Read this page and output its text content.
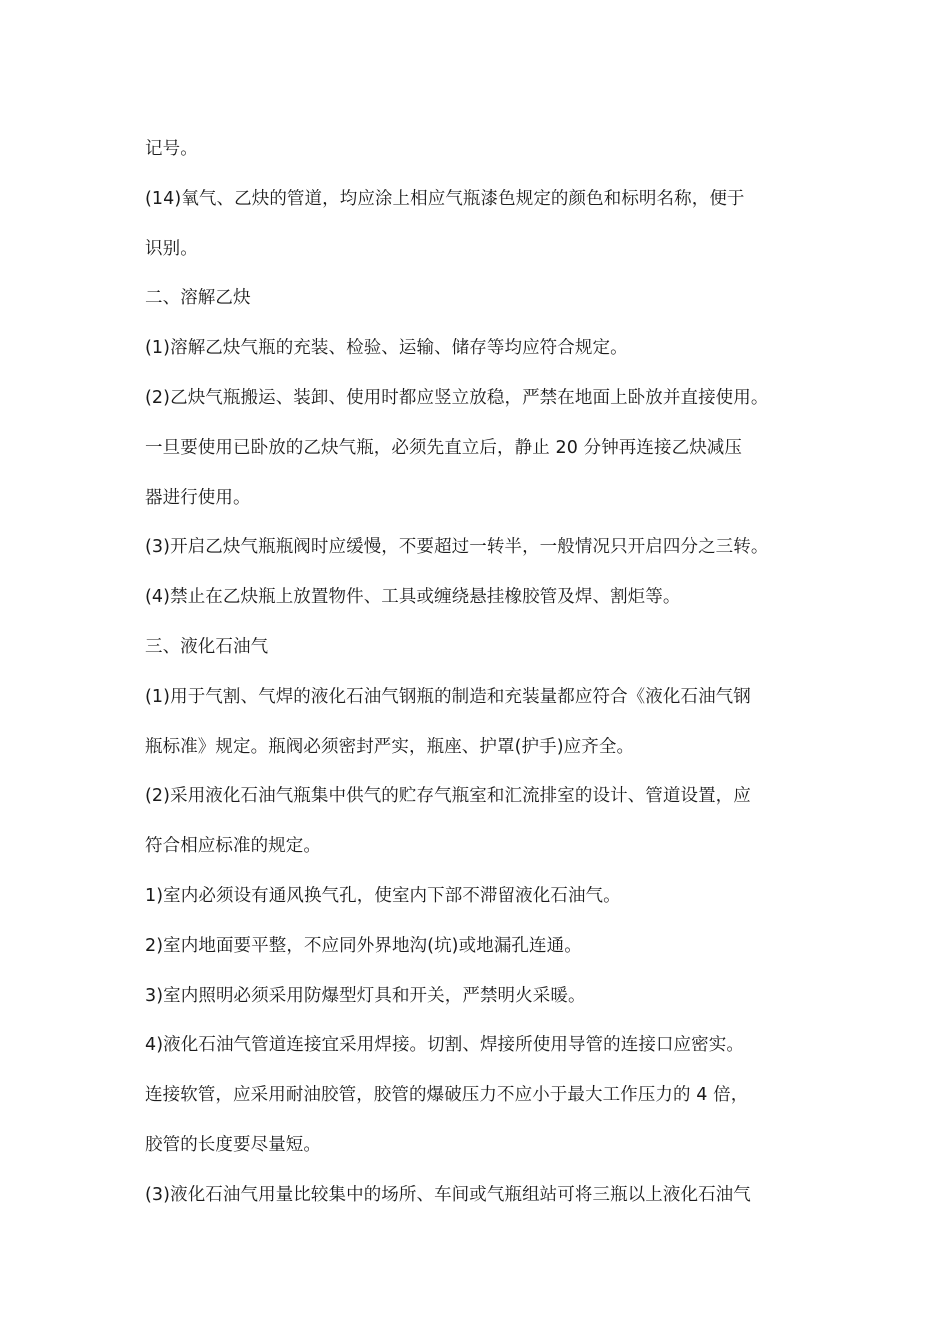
记号。
(14)氧气、乙炔的管道，均应涂上相应气瓶漆色规定的颜色和标明名称，便于
识别。
二、溶解乙炔
(1)溶解乙炔气瓶的充装、检验、运输、储存等均应符合规定。
(2)乙炔气瓶搬运、装卸、使用时都应竖立放稳，严禁在地面上卧放并直接使用。
一旦要使用已卧放的乙炔气瓶，必须先直立后，静止 20 分钟再连接乙炔减压
器进行使用。
(3)开启乙炔气瓶瓶阀时应缓慢，不要超过一转半，一般情况只开启四分之三转。
(4)禁止在乙炔瓶上放置物件、工具或缠绕悬挂橡胶管及焊、割炬等。
三、液化石油气
(1)用于气割、气焊的液化石油气钢瓶的制造和充装量都应符合《液化石油气钢
瓶标准》规定。瓶阀必须密封严实，瓶座、护罩(护手)应齐全。
(2)采用液化石油气瓶集中供气的贮存气瓶室和汇流排室的设计、管道设置，应
符合相应标准的规定。
1)室内必须设有通风换气孔，使室内下部不滞留液化石油气。
2)室内地面要平整，不应同外界地沟(坑)或地漏孔连通。
3)室内照明必须采用防爆型灯具和开关，严禁明火采暖。
4)液化石油气管道连接宜采用焊接。切割、焊接所使用导管的连接口应密实。
连接软管，应采用耐油胶管，胶管的爆破压力不应小于最大工作压力的 4 倍，
胶管的长度要尽量短。
(3)液化石油气用量比较集中的场所、车间或气瓶组站可将三瓶以上液化石油气
